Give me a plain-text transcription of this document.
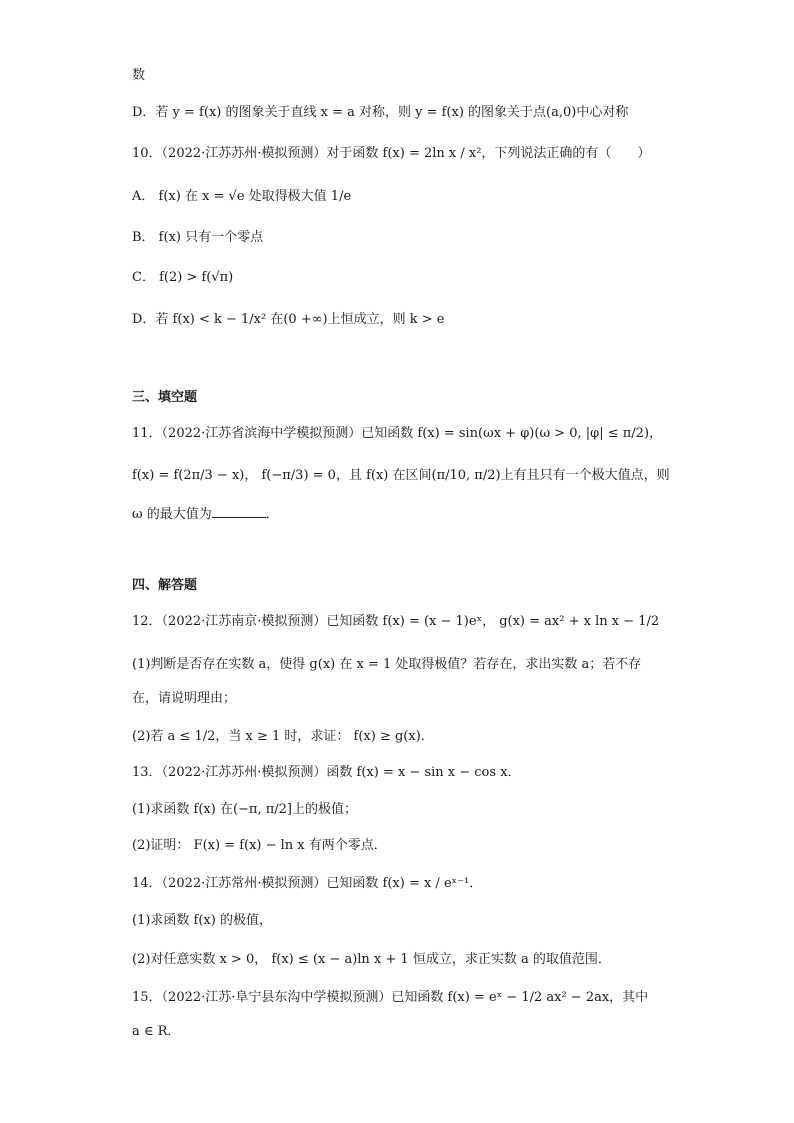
数
D．若 y = f(x) 的图象关于直线 x = a 对称，则 y = f(x) 的图象关于点(a,0)中心对称
10．（2022·江苏苏州·模拟预测）对于函数 f(x) = 2ln x / x²，下列说法正确的有（　　）
A． f(x) 在 x = √e 处取得极大值 1/e
B． f(x) 只有一个零点
C． f(2) > f(√π)
D．若 f(x) < k − 1/x² 在(0 +∞)上恒成立，则 k > e
三、填空题
11．（2022·江苏省滨海中学模拟预测）已知函数 f(x) = sin(ωx + φ)(ω > 0, |φ| ≤ π/2)，
f(x) = f(2π/3 − x)， f(−π/3) = 0，且 f(x) 在区间(π/10, π/2)上有且只有一个极大值点，则
ω 的最大值为	．
四、解答题
12．（2022·江苏南京·模拟预测）已知函数 f(x) = (x − 1)eˣ， g(x) = ax² + x ln x − 1/2
(1)判断是否存在实数 a，使得 g(x) 在 x = 1 处取得极值？若存在，求出实数 a；若不存
在，请说明理由；
(2)若 a ≤ 1/2，当 x ≥ 1 时，求证： f(x) ≥ g(x)．
13．（2022·江苏苏州·模拟预测）函数 f(x) = x − sin x − cos x．
(1)求函数 f(x) 在(−π, π/2]上的极值；
(2)证明： F(x) = f(x) − ln x 有两个零点．
14．（2022·江苏常州·模拟预测）已知函数 f(x) = x / eˣ⁻¹．
(1)求函数 f(x) 的极值，
(2)对任意实数 x > 0， f(x) ≤ (x − a)ln x + 1 恒成立，求正实数 a 的取值范围．
15．（2022·江苏·阜宁县东沟中学模拟预测）已知函数 f(x) = eˣ − 1/2 ax² − 2ax，其中
a ∈ R．
